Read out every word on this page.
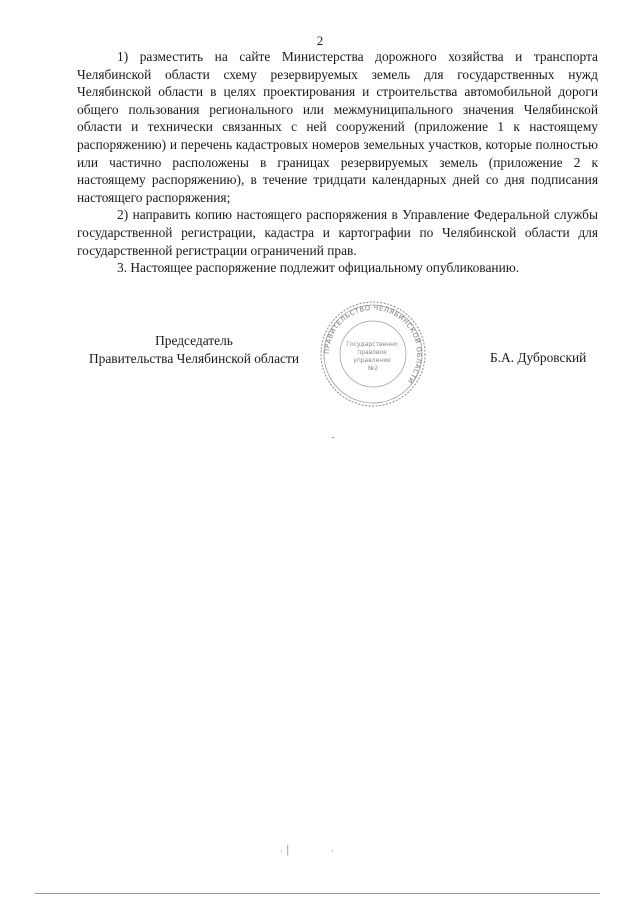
2

1) разместить на сайте Министерства дорожного хозяйства и транспорта Челябинской области схему резервируемых земель для государственных нужд Челябинской области в целях проектирования и строительства автомобильной дороги общего пользования регионального или межмуниципального значения Челябинской области и технически связанных с ней сооружений (приложение 1 к настоящему распоряжению) и перечень кадастровых номеров земельных участков, которые полностью или частично расположены в границах резервируемых земель (приложение 2 к настоящему распоряжению), в течение тридцати календарных дней со дня подписания настоящего распоряжения;

2) направить копию настоящего распоряжения в Управление Федеральной службы государственной регистрации, кадастра и картографии по Челябинской области для государственной регистрации ограничений прав.

3. Настоящее распоряжение подлежит официальному опубликованию.

Председатель
Правительства Челябинской области	ПРАВИТЕЛЬСТВО ЧЕЛЯБИНСКОЙ ОБЛАСТИ
Государственно правовое управление №2
Б.А. Дубровский
·‌ ׀                  ·
